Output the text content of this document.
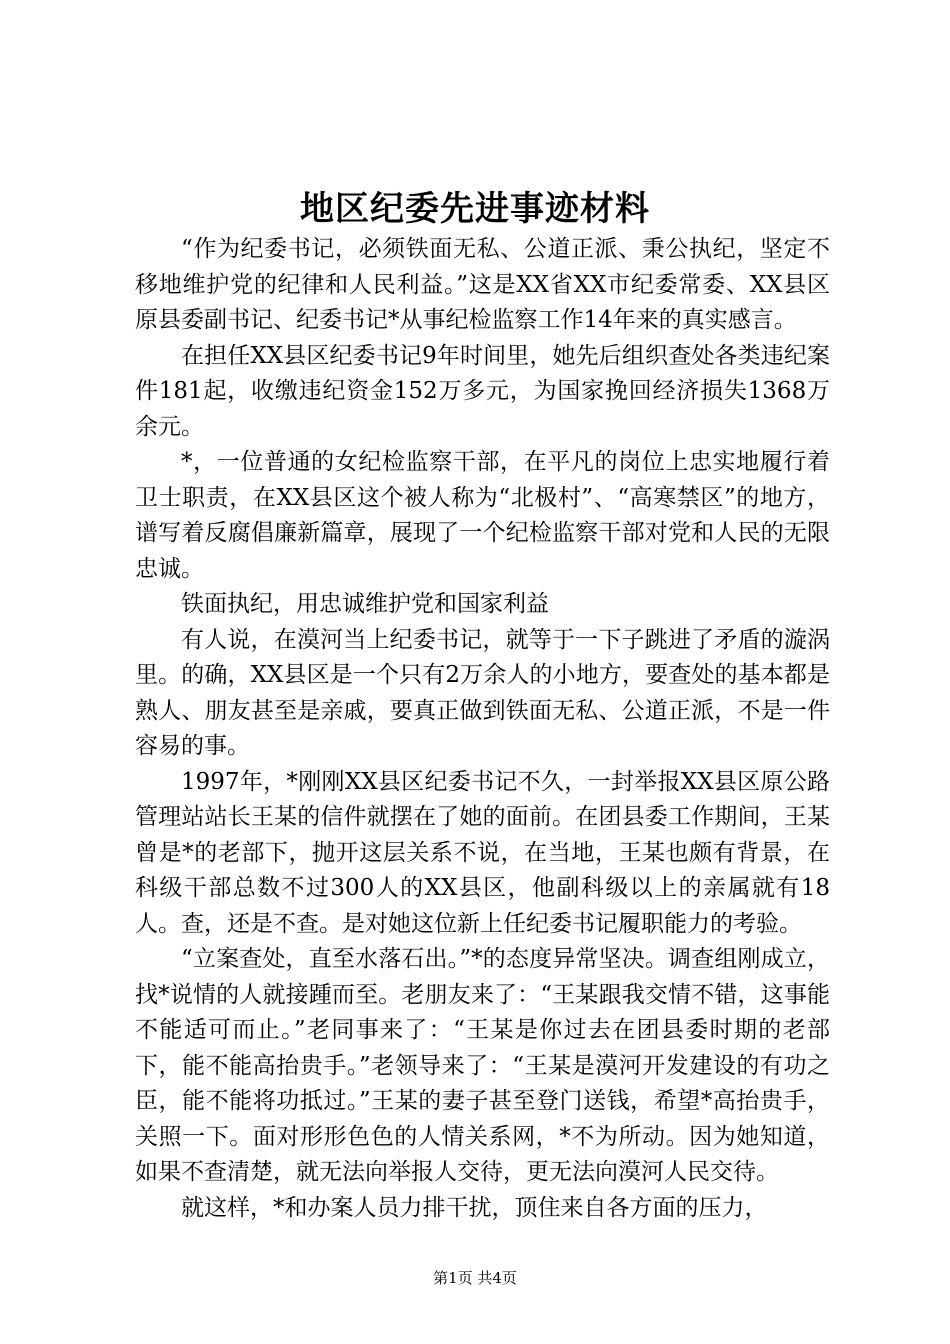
地区纪委先进事迹材料

“作为纪委书记，必须铁面无私、公道正派、秉公执纪，坚定不移地维护党的纪律和人民利益。”这是XX省XX市纪委常委、XX县区原县委副书记、纪委书记*从事纪检监察工作14年来的真实感言。

在担任XX县区纪委书记9年时间里，她先后组织查处各类违纪案件181起，收缴违纪资金152万多元，为国家挽回经济损失1368万余元。

*，一位普通的女纪检监察干部，在平凡的岗位上忠实地履行着卫士职责，在XX县区这个被人称为“北极村”、“高寒禁区”的地方，谱写着反腐倡廉新篇章，展现了一个纪检监察干部对党和人民的无限忠诚。

铁面执纪，用忠诚维护党和国家利益

有人说，在漠河当上纪委书记，就等于一下子跳进了矛盾的漩涡里。的确，XX县区是一个只有2万余人的小地方，要查处的基本都是熟人、朋友甚至是亲戚，要真正做到铁面无私、公道正派，不是一件容易的事。

1997年，*刚刚XX县区纪委书记不久，一封举报XX县区原公路管理站站长王某的信件就摆在了她的面前。在团县委工作期间，王某曾是*的老部下，抛开这层关系不说，在当地，王某也颇有背景，在科级干部总数不过300人的XX县区，他副科级以上的亲属就有18人。查，还是不查。是对她这位新上任纪委书记履职能力的考验。

“立案查处，直至水落石出。”*的态度异常坚决。调查组刚成立，找*说情的人就接踵而至。老朋友来了：“王某跟我交情不错，这事能不能适可而止。”老同事来了：“王某是你过去在团县委时期的老部下，能不能高抬贵手。”老领导来了：“王某是漠河开发建设的有功之臣，能不能将功抵过。”王某的妻子甚至登门送钱，希望*高抬贵手，关照一下。面对形形色色的人情关系网，*不为所动。因为她知道，如果不查清楚，就无法向举报人交待，更无法向漠河人民交待。

就这样，*和办案人员力排干扰，顶住来自各方面的压力，

第1页 共4页
